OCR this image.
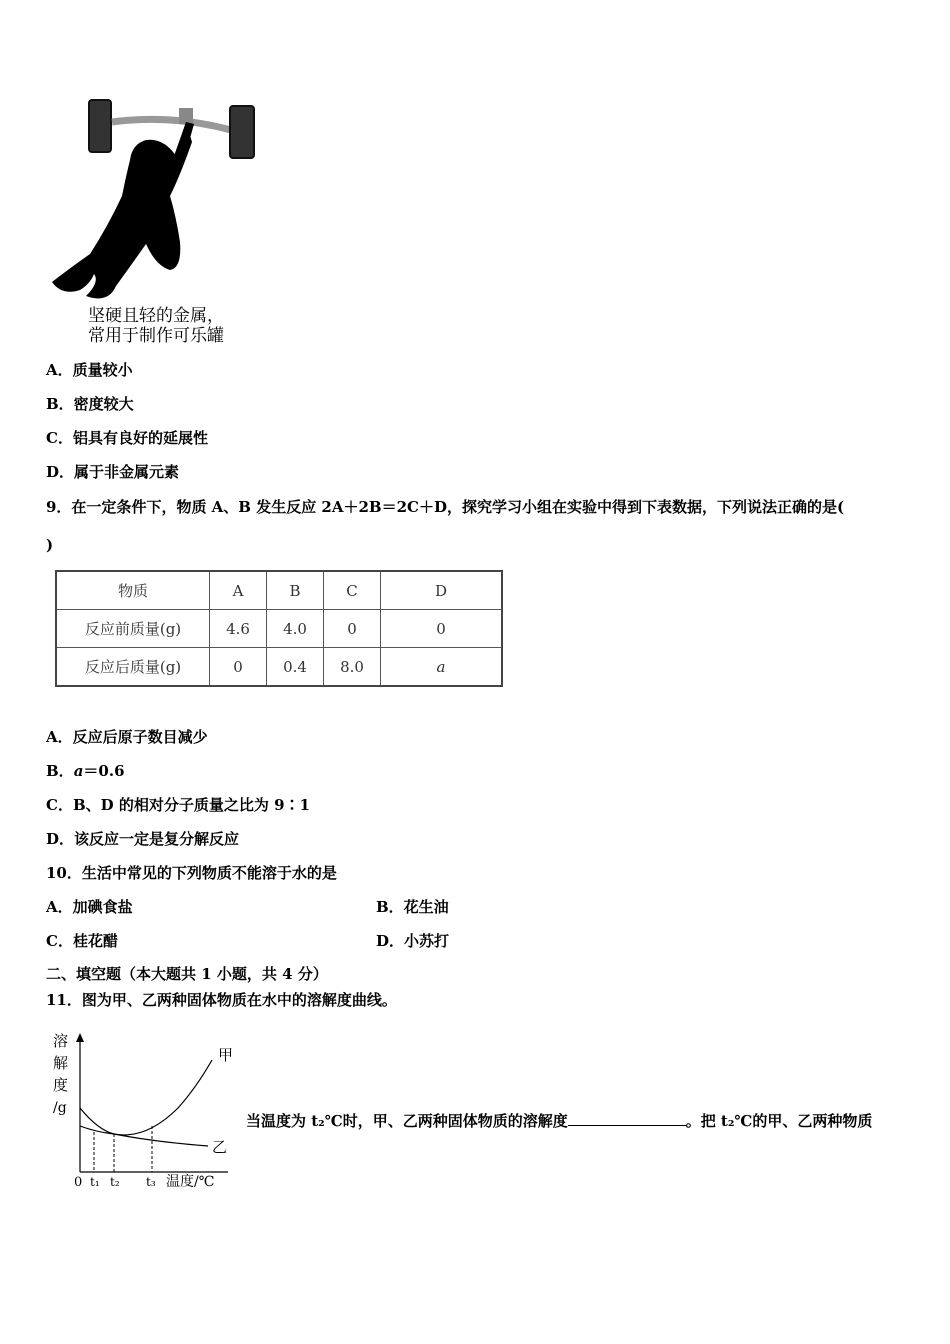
坚硬且轻的金属，
常用于制作可乐罐
A．质量较小
B．密度较大
C．铝具有良好的延展性
D．属于非金属元素
9．在一定条件下，物质 A、B 发生反应 2A＋2B＝2C＋D，探究学习小组在实验中得到下表数据，下列说法正确的是(
)
物质	A	B	C	D
反应前质量(g)	4.6	4.0	0	0
反应后质量(g)	0	0.4	8.0	a
A．反应后原子数目减少
B．a＝0.6
C．B、D 的相对分子质量之比为 9∶1
D．该反应一定是复分解反应
10．生活中常见的下列物质不能溶于水的是
A．加碘食盐	B．花生油
C．桂花醋	D．小苏打
二、填空题（本大题共 1 小题，共 4 分）
11．图为甲、乙两种固体物质在水中的溶解度曲线。
溶
解
度
/g
甲
乙
0 t₁ t₂ t₃ 温度/℃
当温度为 t₂℃时，甲、乙两种固体物质的溶解度	。把 t₂℃的甲、乙两种物质
